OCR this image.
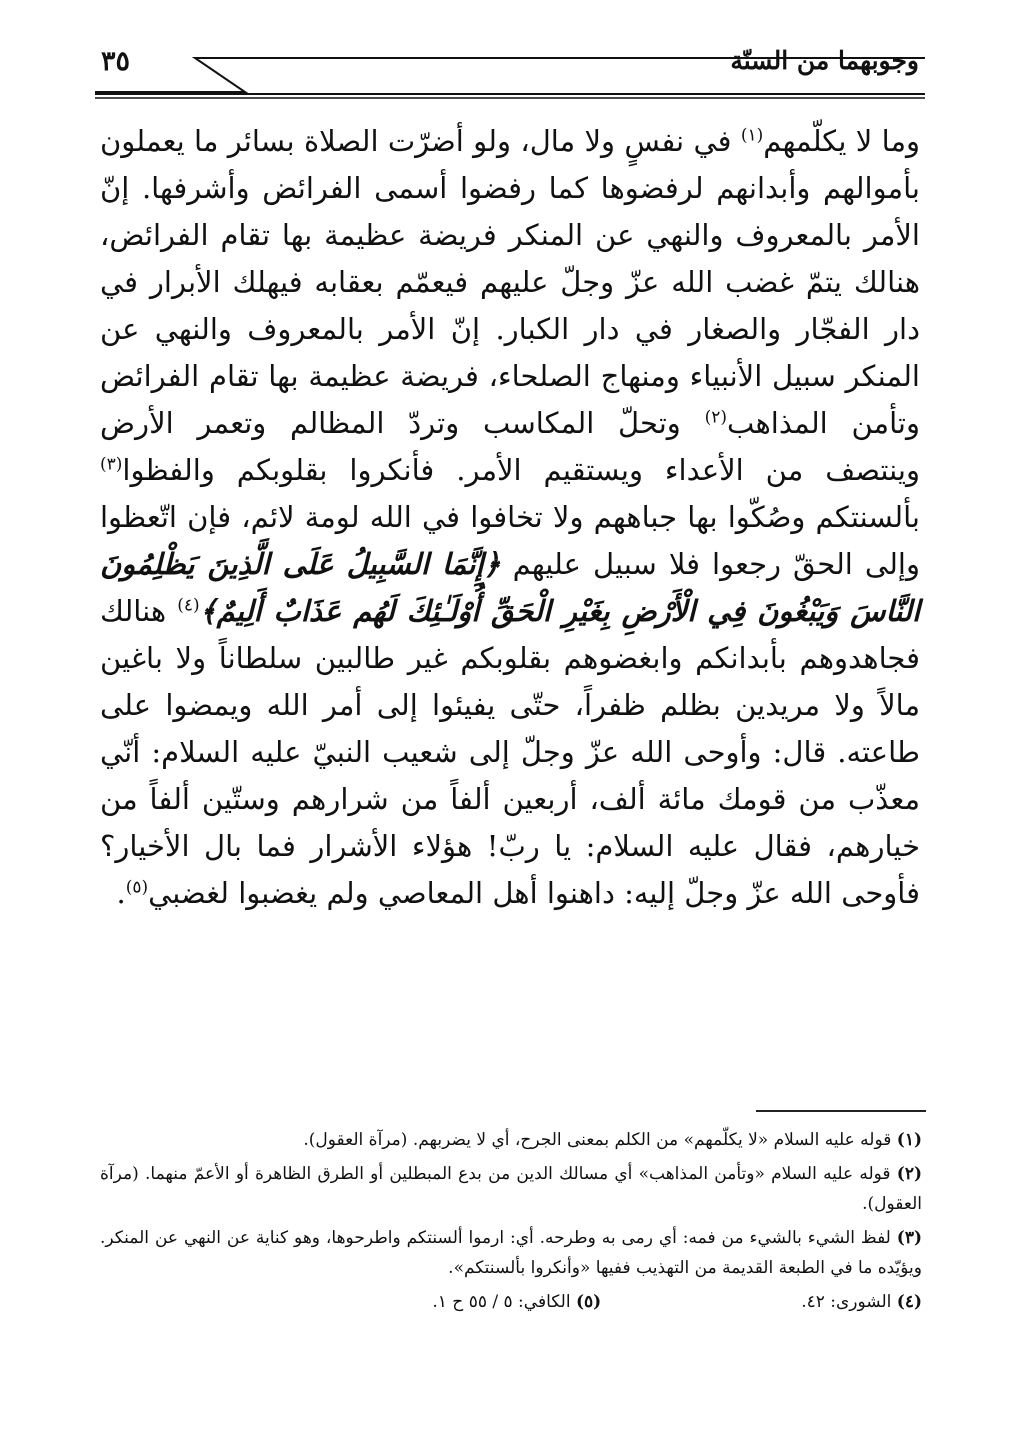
٣٥	وجوبهما من السنّة

وما لا يكلّمهم$^{(١)}$ في نفسٍ ولا مال، ولو أضرّت الصلاة بسائر ما يعملون بأموالهم وأبدانهم لرفضوها كما رفضوا أسمى الفرائض وأشرفها. إنّ الأمر بالمعروف والنهي عن المنكر فريضة عظيمة بها تقام الفرائض، هنالك يتمّ غضب الله عزّ وجلّ عليهم فيعمّم بعقابه فيهلك الأبرار في دار الفجّار والصغار في دار الكبار. إنّ الأمر بالمعروف والنهي عن المنكر سبيل الأنبياء ومنهاج الصلحاء، فريضة عظيمة بها تقام الفرائض وتأمن المذاهب$^{(٢)}$ وتحلّ المكاسب وتردّ المظالم وتعمر الأرض وينتصف من الأعداء ويستقيم الأمر. فأنكروا بقلوبكم والفظوا$^{(٣)}$ بألسنتكم وصُكّوا بها جباههم ولا تخافوا في الله لومة لائم، فإن اتّعظوا وإلى الحقّ رجعوا فلا سبيل عليهم ﴿إِنَّمَا السَّبِيلُ عَلَى الَّذِينَ يَظْلِمُونَ النَّاسَ وَيَبْغُونَ فِي الْأَرْضِ بِغَيْرِ الْحَقِّ أُوْلَـٰئِكَ لَهُم عَذَابٌ أَلِيمٌ﴾$^{(٤)}$ هنالك فجاهدوهم بأبدانكم وابغضوهم بقلوبكم غير طالبين سلطاناً ولا باغين مالاً ولا مريدين بظلم ظفراً، حتّى يفيئوا إلى أمر الله ويمضوا على طاعته. قال: وأوحى الله عزّ وجلّ إلى شعيب النبيّ عليه السلام: أنّي معذّب من قومك مائة ألف، أربعين ألفاً من شرارهم وستّين ألفاً من خيارهم، فقال عليه السلام: يا ربّ! هؤلاء الأشرار فما بال الأخيار؟ فأوحى الله عزّ وجلّ إليه: داهنوا أهل المعاصي ولم يغضبوا لغضبي$^{(٥)}$.

(١) قوله عليه السلام «لا يكلّمهم» من الكلم بمعنى الجرح، أي لا يضربهم. (مرآة العقول).

(٢) قوله عليه السلام «وتأمن المذاهب» أي مسالك الدين من بدع المبطلين أو الطرق الظاهرة أو الأعمّ منهما. (مرآة العقول).

(٣) لفظ الشيء بالشيء من فمه: أي رمى به وطرحه. أي: ارموا ألسنتكم واطرحوها، وهو كناية عن النهي عن المنكر. ويؤيّده ما في الطبعة القديمة من التهذيب ففيها «وأنكروا بألسنتكم».

(٤) الشورى: ٤٢.
(٥) الكافي: ٥ / ٥٥ ح ١.
